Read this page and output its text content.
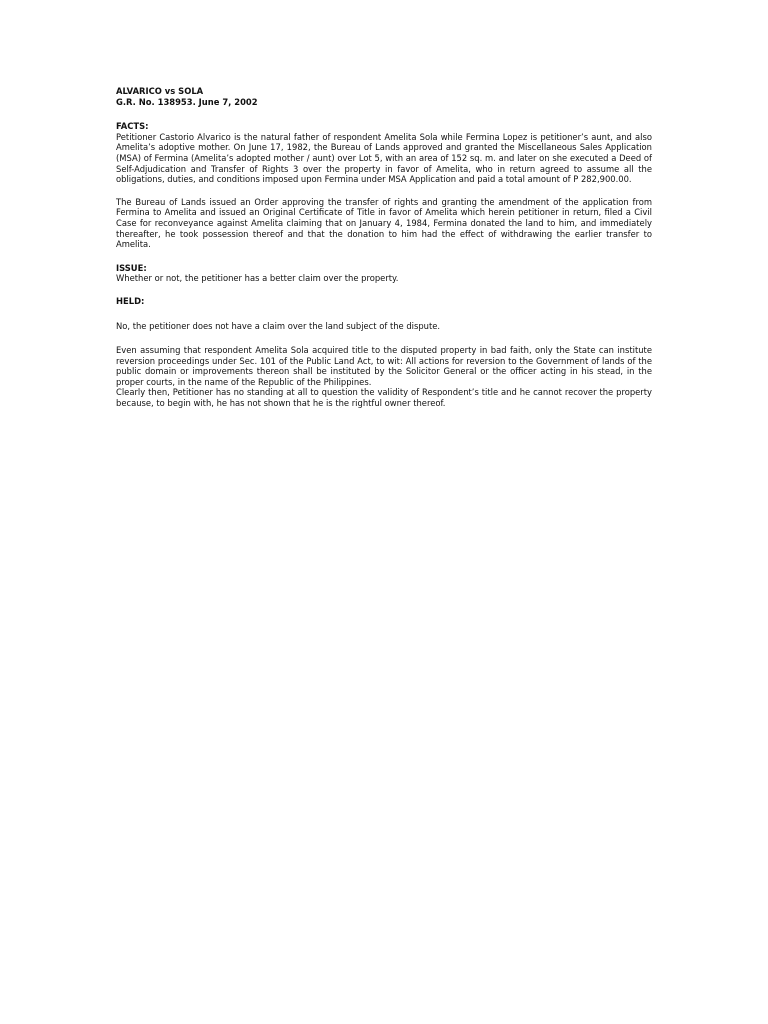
ALVARICO vs SOLA
G.R. No. 138953. June 7, 2002
FACTS:

Petitioner Castorio Alvarico is the natural father of respondent Amelita Sola while Fermina Lopez is petitioner’s aunt, and also Amelita’s adoptive mother. On June 17, 1982, the Bureau of Lands approved and granted the Miscellaneous Sales Application (MSA) of Fermina (Amelita’s adopted mother / aunt) over Lot 5, with an area of 152 sq. m. and later on she executed a Deed of Self-Adjudication and Transfer of Rights 3 over the property in favor of Amelita, who in return agreed to assume all the obligations, duties, and conditions imposed upon Fermina under MSA Application and paid a total amount of P 282,900.00.

The Bureau of Lands issued an Order approving the transfer of rights and granting the amendment of the application from Fermina to Amelita and issued an Original Certificate of Title in favor of Amelita which herein petitioner in return, filed a Civil Case for reconveyance against Amelita claiming that on January 4, 1984, Fermina donated the land to him, and immediately thereafter, he took possession thereof and that the donation to him had the effect of withdrawing the earlier transfer to Amelita.

ISSUE:

Whether or not, the petitioner has a better claim over the property.

HELD:

No, the petitioner does not have a claim over the land subject of the dispute.

Even assuming that respondent Amelita Sola acquired title to the disputed property in bad faith, only the State can institute reversion proceedings under Sec. 101 of the Public Land Act, to wit: All actions for reversion to the Government of lands of the public domain or improvements thereon shall be instituted by the Solicitor General or the officer acting in his stead, in the proper courts, in the name of the Republic of the Philippines.

Clearly then, Petitioner has no standing at all to question the validity of Respondent’s title and he cannot recover the property because, to begin with, he has not shown that he is the rightful owner thereof.
